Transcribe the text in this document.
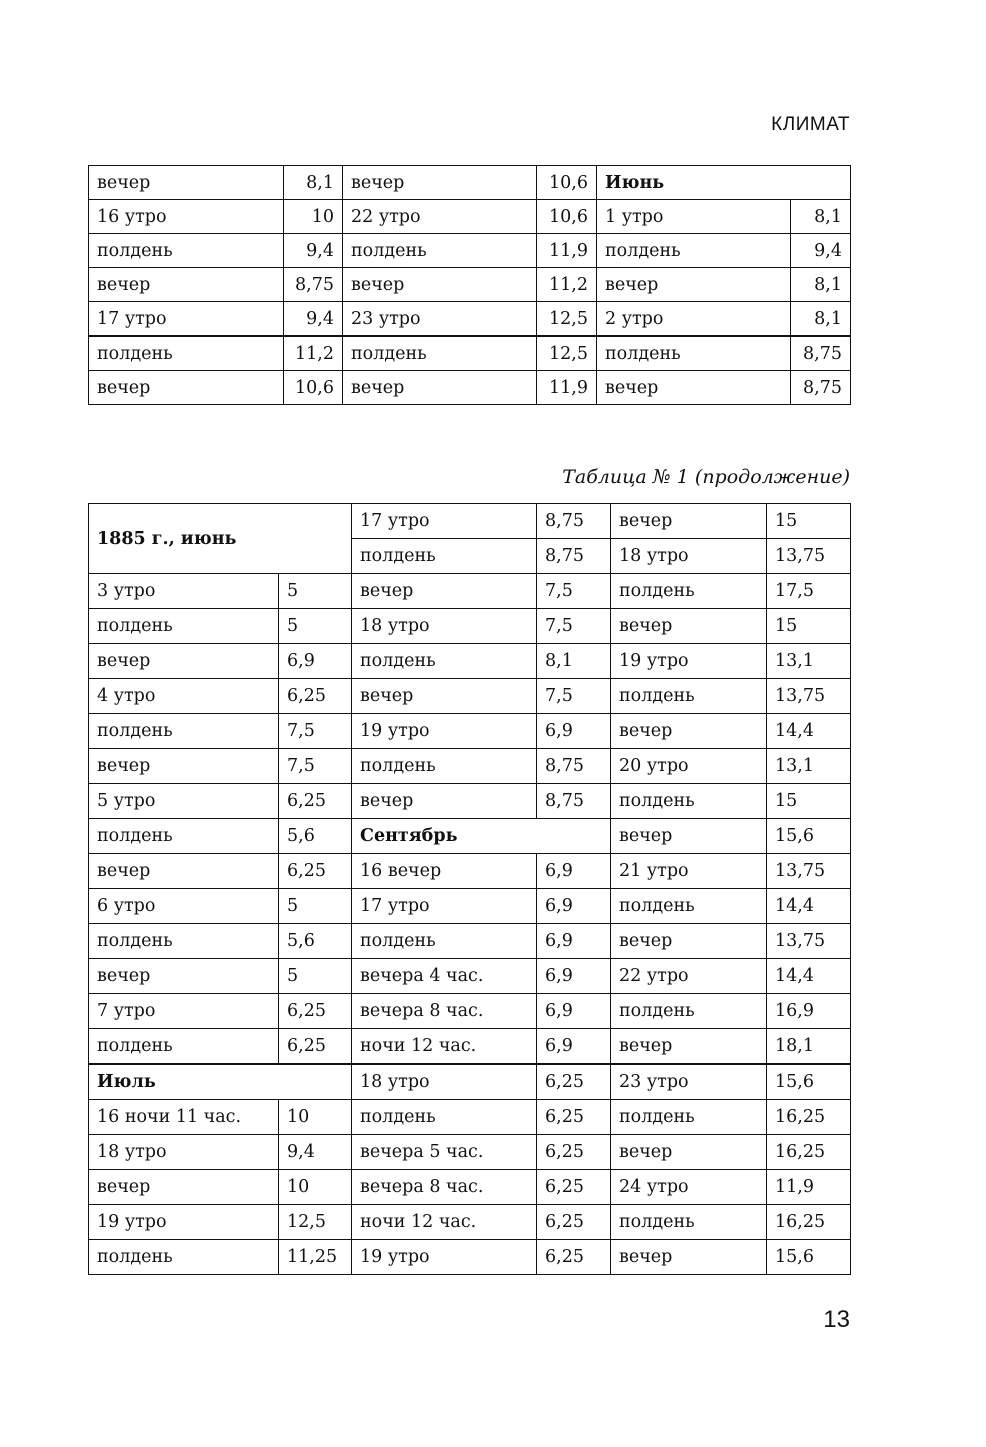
КЛИМАТ
вечер	8,1	вечер	10,6	Июнь	
16 утро	10	22 утро	10,6	1 утро	8,1
полдень	9,4	полдень	11,9	полдень	9,4
вечер	8,75	вечер	11,2	вечер	8,1
17 утро	9,4	23 утро	12,5	2 утро	8,1
полдень	11,2	полдень	12,5	полдень	8,75
вечер	10,6	вечер	11,9	вечер	8,75
Таблица № 1 (продолжение)
1885 г., июнь		17 утро	8,75	вечер	15
		полдень	8,75	18 утро	13,75
3 утро	5	вечер	7,5	полдень	17,5
полдень	5	18 утро	7,5	вечер	15
вечер	6,9	полдень	8,1	19 утро	13,1
4 утро	6,25	вечер	7,5	полдень	13,75
полдень	7,5	19 утро	6,9	вечер	14,4
вечер	7,5	полдень	8,75	20 утро	13,1
5 утро	6,25	вечер	8,75	полдень	15
полдень	5,6	Сентябрь		вечер	15,6
вечер	6,25	16 вечер	6,9	21 утро	13,75
6 утро	5	17 утро	6,9	полдень	14,4
полдень	5,6	полдень	6,9	вечер	13,75
вечер	5	вечера 4 час.	6,9	22 утро	14,4
7 утро	6,25	вечера 8 час.	6,9	полдень	16,9
полдень	6,25	ночи 12 час.	6,9	вечер	18,1
Июль		18 утро	6,25	23 утро	15,6
16 ночи 11 час.	10	полдень	6,25	полдень	16,25
18 утро	9,4	вечера 5 час.	6,25	вечер	16,25
вечер	10	вечера 8 час.	6,25	24 утро	11,9
19 утро	12,5	ночи 12 час.	6,25	полдень	16,25
полдень	11,25	19 утро	6,25	вечер	15,6
13
